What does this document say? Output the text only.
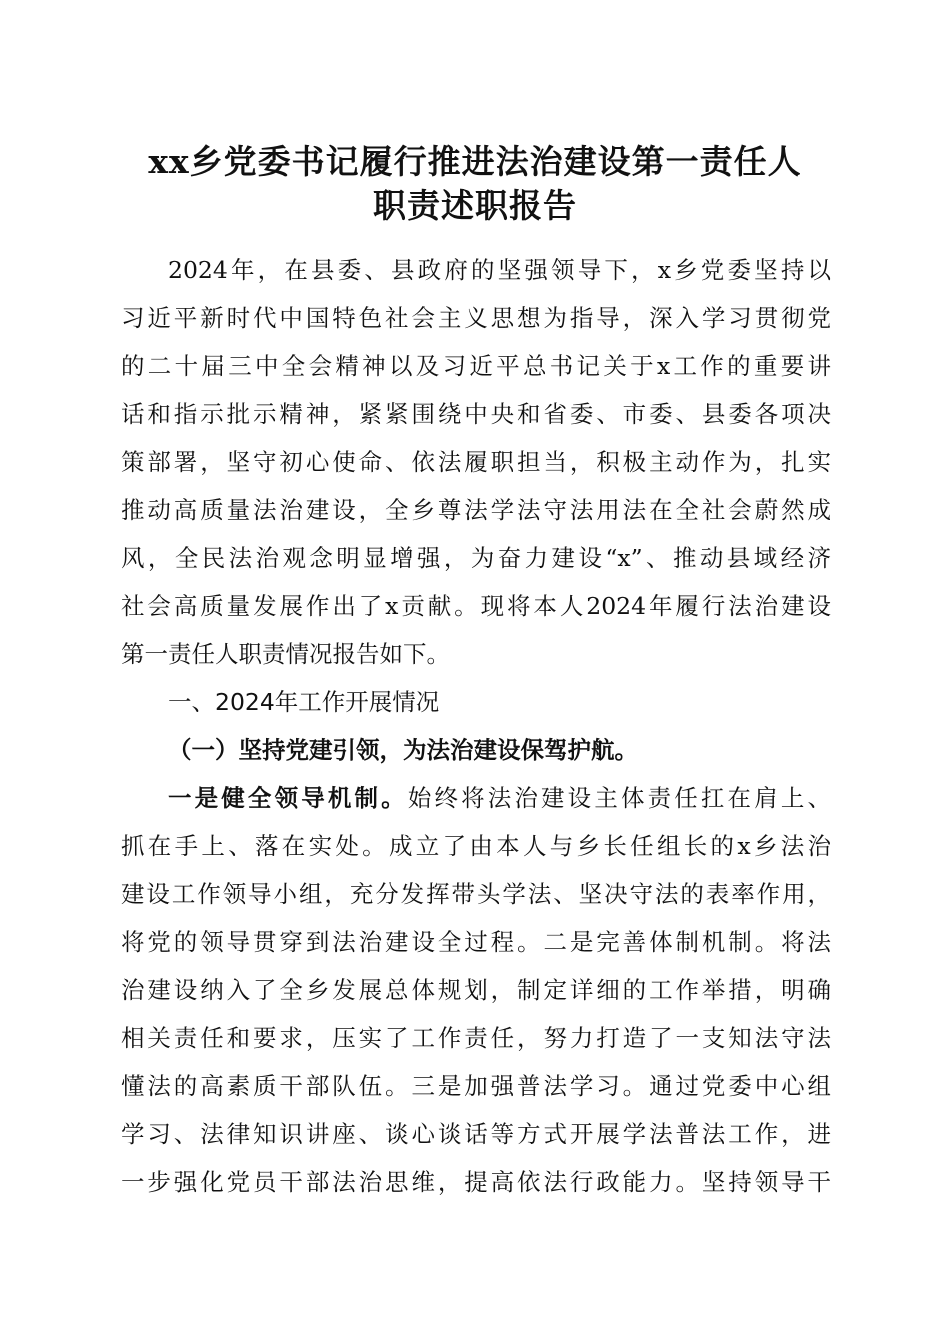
xx乡党委书记履行推进法治建设第一责任人
职责述职报告
2024年，在县委、县政府的坚强领导下，x乡党委坚持以
习近平新时代中国特色社会主义思想为指导，深入学习贯彻党
的二十届三中全会精神以及习近平总书记关于x工作的重要讲
话和指示批示精神，紧紧围绕中央和省委、市委、县委各项决
策部署，坚守初心使命、依法履职担当，积极主动作为，扎实
推动高质量法治建设，全乡尊法学法守法用法在全社会蔚然成
风，全民法治观念明显增强，为奋力建设“x”、推动县域经济
社会高质量发展作出了x贡献。现将本人2024年履行法治建设
第一责任人职责情况报告如下。
一、2024年工作开展情况
（一）坚持党建引领，为法治建设保驾护航。
一是健全领导机制。始终将法治建设主体责任扛在肩上、
抓在手上、落在实处。成立了由本人与乡长任组长的x乡法治
建设工作领导小组，充分发挥带头学法、坚决守法的表率作用，
将党的领导贯穿到法治建设全过程。二是完善体制机制。将法
治建设纳入了全乡发展总体规划，制定详细的工作举措，明确
相关责任和要求，压实了工作责任，努力打造了一支知法守法
懂法的高素质干部队伍。三是加强普法学习。通过党委中心组
学习、法律知识讲座、谈心谈话等方式开展学法普法工作，进
一步强化党员干部法治思维，提高依法行政能力。坚持领导干
